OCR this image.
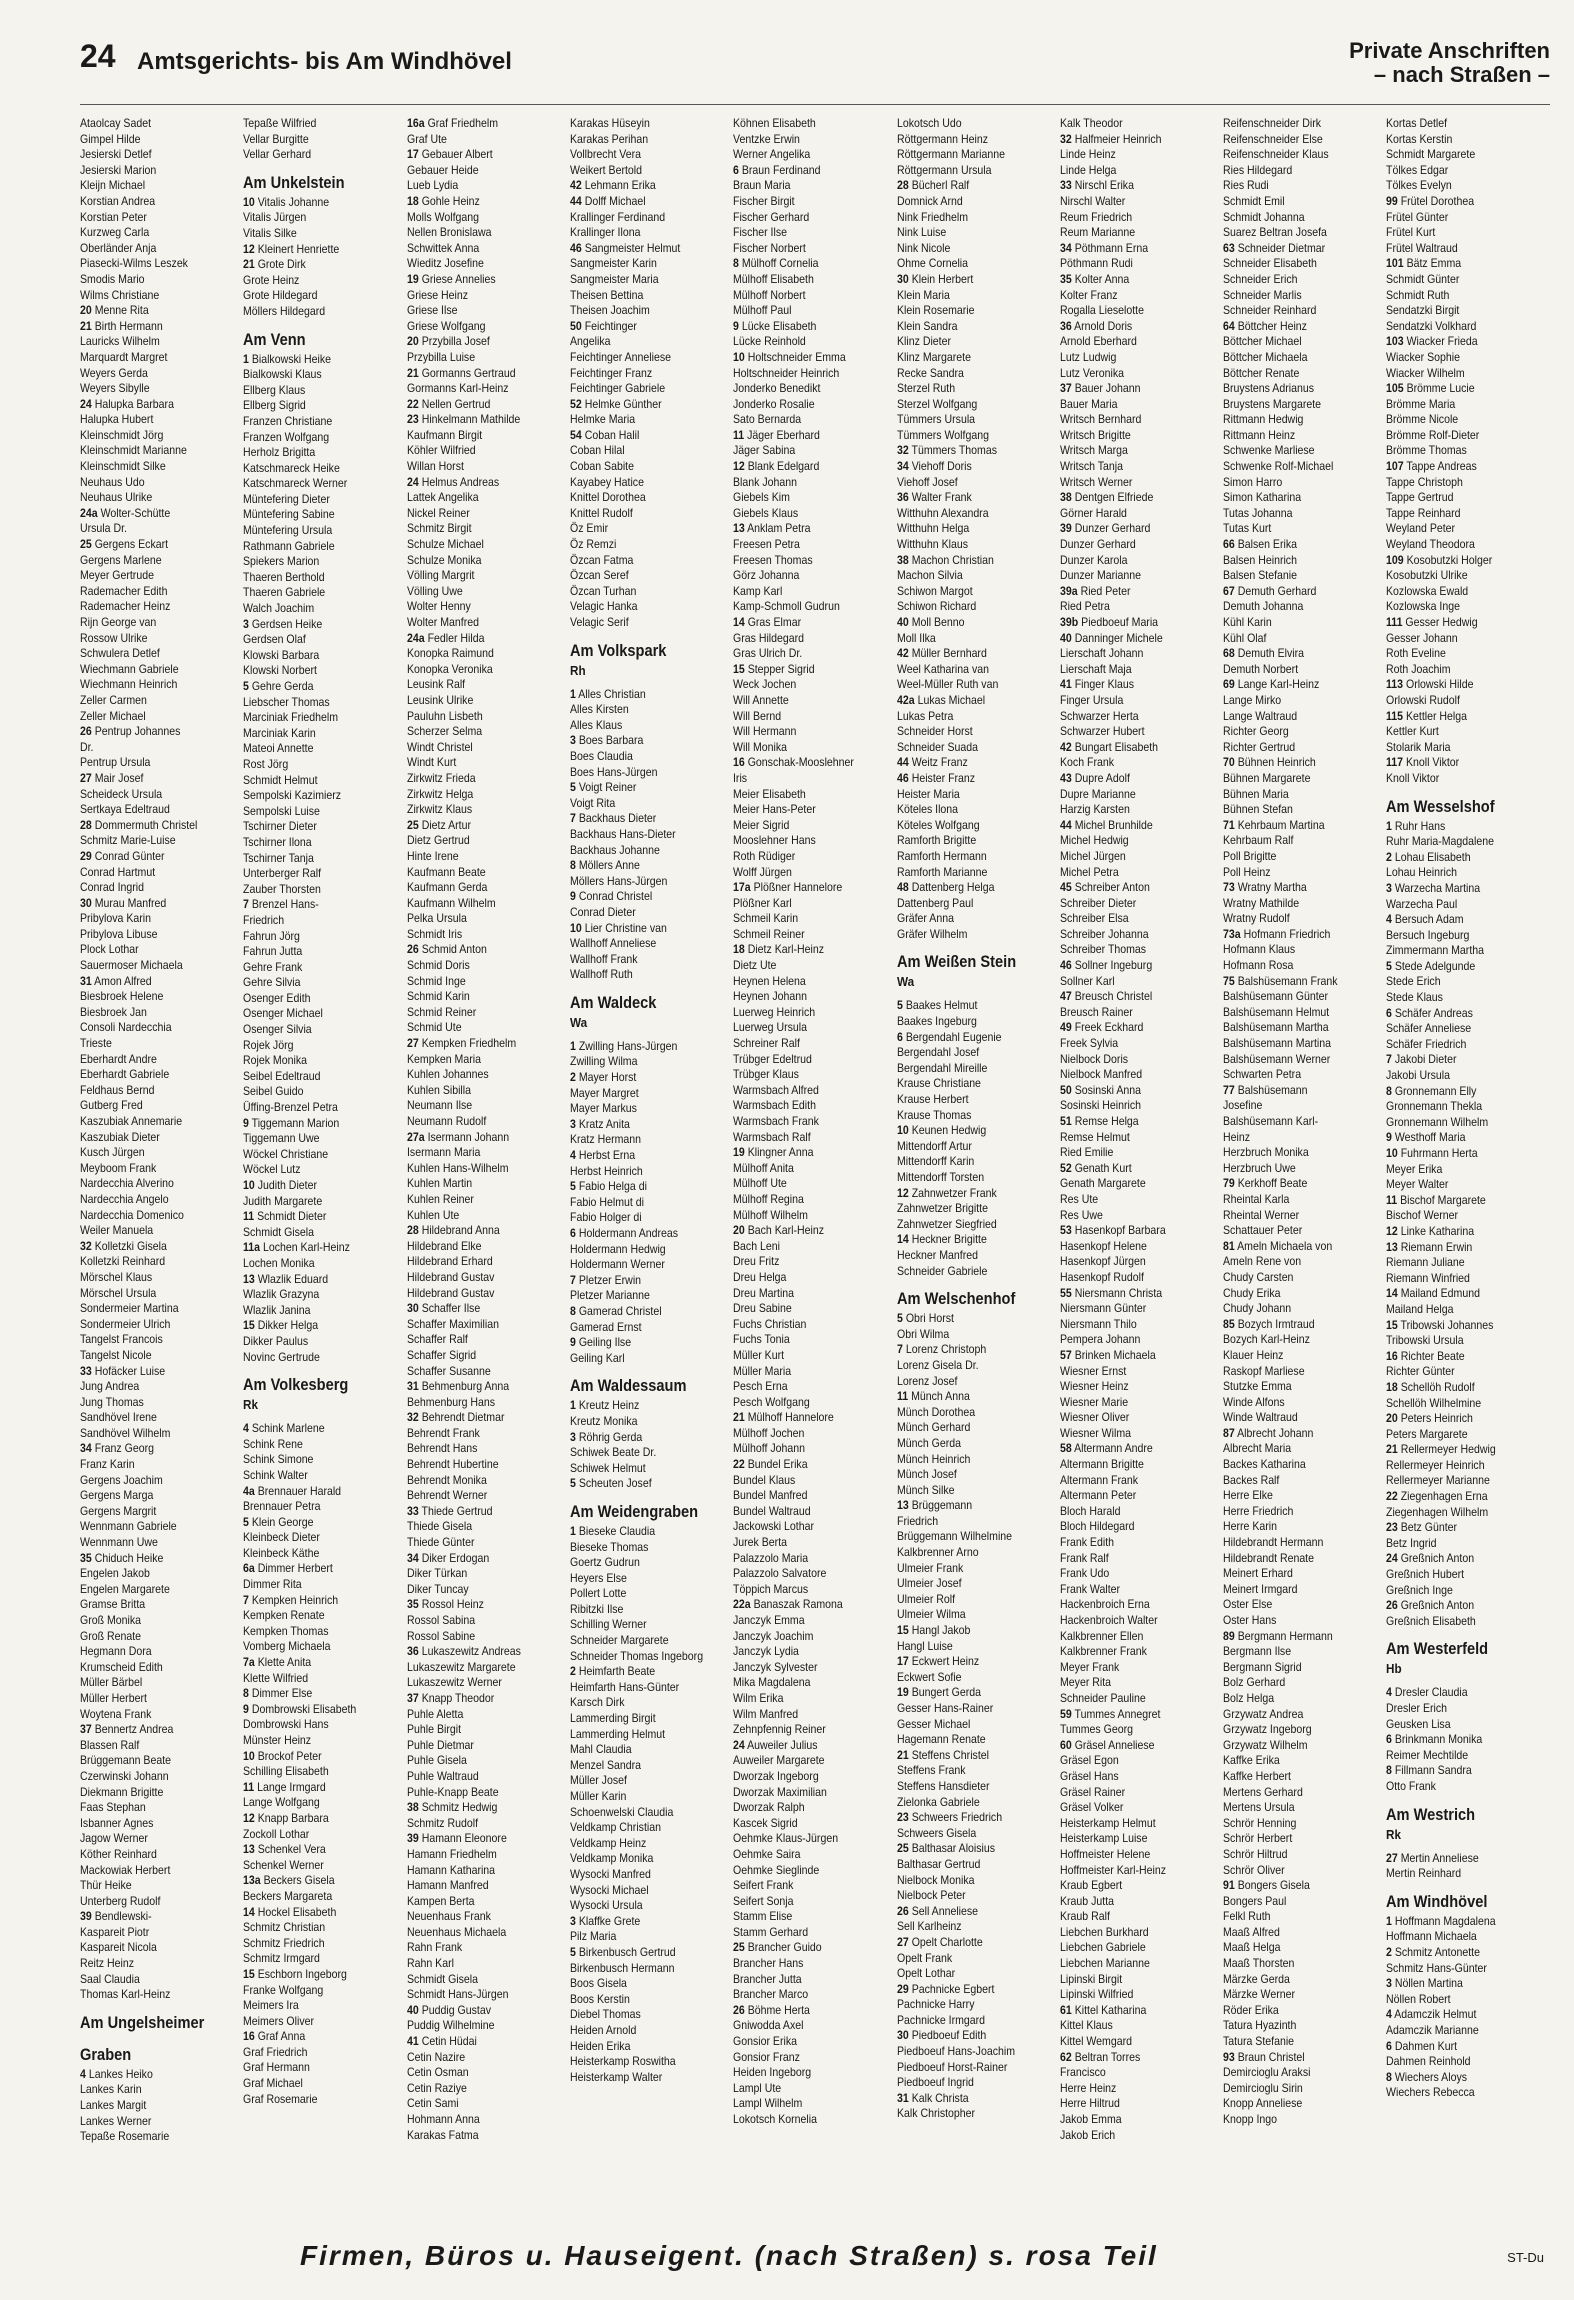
24 Amtsgerichts- bis Am Windhövel	Private Anschriften
– nach Straßen –
Ataolcay Sadet
Gimpel Hilde
Jesierski Detlef
Jesierski Marion
Kleijn Michael
Korstian Andrea
Korstian Peter
Kurzweg Carla
Oberländer Anja
Piasecki-Wilms Leszek
Smodis Mario
Wilms Christiane
20 Menne Rita
21 Birth Hermann
Lauricks Wilhelm
Marquardt Margret
Weyers Gerda
Weyers Sibylle
24 Halupka Barbara
Halupka Hubert
Kleinschmidt Jörg
Kleinschmidt Marianne
Kleinschmidt Silke
Neuhaus Udo
Neuhaus Ulrike
24a Wolter-Schütte
Ursula Dr.
25 Gergens Eckart
Gergens Marlene
Meyer Gertrude
Rademacher Edith
Rademacher Heinz
Rijn George van
Rossow Ulrike
Schwulera Detlef
Wiechmann Gabriele
Wiechmann Heinrich
Zeller Carmen
Zeller Michael
26 Pentrup Johannes
Dr.
Pentrup Ursula
27 Mair Josef
Scheideck Ursula
Sertkaya Edeltraud
28 Dommermuth Christel
Schmitz Marie-Luise
29 Conrad Günter
Conrad Hartmut
Conrad Ingrid
30 Murau Manfred
Pribylova Karin
Pribylova Libuse
Plock Lothar
Sauermoser Michaela
31 Amon Alfred
Biesbroek Helene
Biesbroek Jan
Consoli Nardecchia
Trieste
Eberhardt Andre
Eberhardt Gabriele
Feldhaus Bernd
Gutberg Fred
Kaszubiak Annemarie
Kaszubiak Dieter
Kusch Jürgen
Meyboom Frank
Nardecchia Alverino
Nardecchia Angelo
Nardecchia Domenico
Weiler Manuela
32 Kolletzki Gisela
Kolletzki Reinhard
Mörschel Klaus
Mörschel Ursula
Sondermeier Martina
Sondermeier Ulrich
Tangelst Francois
Tangelst Nicole
33 Hofäcker Luise
Jung Andrea
Jung Thomas
Sandhövel Irene
Sandhövel Wilhelm
34 Franz Georg
Franz Karin
Gergens Joachim
Gergens Marga
Gergens Margrit
Wennmann Gabriele
Wennmann Uwe
35 Chiduch Heike
Engelen Jakob
Engelen Margarete
Gramse Britta
Groß Monika
Groß Renate
Hegmann Dora
Krumscheid Edith
Müller Bärbel
Müller Herbert
Woytena Frank
37 Bennertz Andrea
Blassen Ralf
Brüggemann Beate
Czerwinski Johann
Diekmann Brigitte
Faas Stephan
Isbanner Agnes
Jagow Werner
Köther Reinhard
Mackowiak Herbert
Thür Heike
Unterberg Rudolf
39 Bendlewski-
Kaspareit Piotr
Kaspareit Nicola
Reitz Heinz
Saal Claudia
Thomas Karl-Heinz
Am Ungelsheimer
Graben
4 Lankes Heiko
Lankes Karin
Lankes Margit
Lankes Werner
Tepaße Rosemarie
Tepaße Wilfried
Vellar Burgitte
Vellar Gerhard
Am Unkelstein
10 Vitalis Johanne
Vitalis Jürgen
Vitalis Silke
12 Kleinert Henriette
21 Grote Dirk
Grote Heinz
Grote Hildegard
Möllers Hildegard
Am Venn
1 Bialkowski Heike
Bialkowski Klaus
Ellberg Klaus
Ellberg Sigrid
Franzen Christiane
Franzen Wolfgang
Herholz Brigitta
Katschmareck Heike
Katschmareck Werner
Müntefering Dieter
Müntefering Sabine
Müntefering Ursula
Rathmann Gabriele
Spiekers Marion
Thaeren Berthold
Thaeren Gabriele
Walch Joachim
3 Gerdsen Heike
Gerdsen Olaf
Klowski Barbara
Klowski Norbert
5 Gehre Gerda
Liebscher Thomas
Marciniak Friedhelm
Marciniak Karin
Mateoi Annette
Rost Jörg
Schmidt Helmut
Sempolski Kazimierz
Sempolski Luise
Tschirner Dieter
Tschirner Ilona
Tschirner Tanja
Unterberger Ralf
Zauber Thorsten
7 Brenzel Hans-
Friedrich
Fahrun Jörg
Fahrun Jutta
Gehre Frank
Gehre Silvia
Osenger Edith
Osenger Michael
Osenger Silvia
Rojek Jörg
Rojek Monika
Seibel Edeltraud
Seibel Guido
Üffing-Brenzel Petra
9 Tiggemann Marion
Tiggemann Uwe
Wöckel Christiane
Wöckel Lutz
10 Judith Dieter
Judith Margarete
11 Schmidt Dieter
Schmidt Gisela
11a Lochen Karl-Heinz
Lochen Monika
13 Wlazlik Eduard
Wlazlik Grazyna
Wlazlik Janina
15 Dikker Helga
Dikker Paulus
Novinc Gertrude
Am Volkesberg
Rk
4 Schink Marlene
Schink Rene
Schink Simone
Schink Walter
4a Brennauer Harald
Brennauer Petra
5 Klein George
Kleinbeck Dieter
Kleinbeck Käthe
6a Dimmer Herbert
Dimmer Rita
7 Kempken Heinrich
Kempken Renate
Kempken Thomas
Vomberg Michaela
7a Klette Anita
Klette Wilfried
8 Dimmer Else
9 Dombrowski Elisabeth
Dombrowski Hans
Münster Heinz
10 Brockof Peter
Schilling Elisabeth
11 Lange Irmgard
Lange Wolfgang
12 Knapp Barbara
Zockoll Lothar
13 Schenkel Vera
Schenkel Werner
13a Beckers Gisela
Beckers Margareta
14 Hockel Elisabeth
Schmitz Christian
Schmitz Friedrich
Schmitz Irmgard
15 Eschborn Ingeborg
Franke Wolfgang
Meimers Ira
Meimers Oliver
16 Graf Anna
Graf Friedrich
Graf Hermann
Graf Michael
Graf Rosemarie
16a Graf Friedhelm
Graf Ute
17 Gebauer Albert
Gebauer Heide
Lueb Lydia
18 Gohle Heinz
Molls Wolfgang
Nellen Bronislawa
Schwittek Anna
Wieditz Josefine
19 Griese Annelies
Griese Heinz
Griese Ilse
Griese Wolfgang
20 Przybilla Josef
Przybilla Luise
21 Gormanns Gertraud
Gormanns Karl-Heinz
22 Nellen Gertrud
23 Hinkelmann Mathilde
Kaufmann Birgit
Köhler Wilfried
Willan Horst
24 Helmus Andreas
Lattek Angelika
Nickel Reiner
Schmitz Birgit
Schulze Michael
Schulze Monika
Völling Margrit
Völling Uwe
Wolter Henny
Wolter Manfred
24a Fedler Hilda
Konopka Raimund
Konopka Veronika
Leusink Ralf
Leusink Ulrike
Pauluhn Lisbeth
Scherzer Selma
Windt Christel
Windt Kurt
Zirkwitz Frieda
Zirkwitz Helga
Zirkwitz Klaus
25 Dietz Artur
Dietz Gertrud
Hinte Irene
Kaufmann Beate
Kaufmann Gerda
Kaufmann Wilhelm
Pelka Ursula
Schmidt Iris
26 Schmid Anton
Schmid Doris
Schmid Inge
Schmid Karin
Schmid Reiner
Schmid Ute
27 Kempken Friedhelm
Kempken Maria
Kuhlen Johannes
Kuhlen Sibilla
Neumann Ilse
Neumann Rudolf
27a Isermann Johann
Isermann Maria
Kuhlen Hans-Wilhelm
Kuhlen Martin
Kuhlen Reiner
Kuhlen Ute
28 Hildebrand Anna
Hildebrand Elke
Hildebrand Erhard
Hildebrand Gustav
Hildebrand Gustav
30 Schaffer Ilse
Schaffer Maximilian
Schaffer Ralf
Schaffer Sigrid
Schaffer Susanne
31 Behmenburg Anna
Behmenburg Hans
32 Behrendt Dietmar
Behrendt Frank
Behrendt Hans
Behrendt Hubertine
Behrendt Monika
Behrendt Werner
33 Thiede Gertrud
Thiede Gisela
Thiede Günter
34 Diker Erdogan
Diker Türkan
Diker Tuncay
35 Rossol Heinz
Rossol Sabina
Rossol Sabine
36 Lukaszewitz Andreas
Lukaszewitz Margarete
Lukaszewitz Werner
37 Knapp Theodor
Puhle Aletta
Puhle Birgit
Puhle Dietmar
Puhle Gisela
Puhle Waltraud
Puhle-Knapp Beate
38 Schmitz Hedwig
Schmitz Rudolf
39 Hamann Eleonore
Hamann Friedhelm
Hamann Katharina
Hamann Manfred
Kampen Berta
Neuenhaus Frank
Neuenhaus Michaela
Rahn Frank
Rahn Karl
Schmidt Gisela
Schmidt Hans-Jürgen
40 Puddig Gustav
Puddig Wilhelmine
41 Cetin Hüdai
Cetin Nazire
Cetin Osman
Cetin Raziye
Cetin Sami
Hohmann Anna
Karakas Fatma
Karakas Hüseyin
Karakas Perihan
Vollbrecht Vera
Weikert Bertold
42 Lehmann Erika
44 Dolff Michael
Krallinger Ferdinand
Krallinger Ilona
46 Sangmeister Helmut
Sangmeister Karin
Sangmeister Maria
Theisen Bettina
Theisen Joachim
50 Feichtinger
Angelika
Feichtinger Anneliese
Feichtinger Franz
Feichtinger Gabriele
52 Helmke Günther
Helmke Maria
54 Coban Halil
Coban Hilal
Coban Sabite
Kayabey Hatice
Knittel Dorothea
Knittel Rudolf
Öz Emir
Öz Remzi
Özcan Fatma
Özcan Seref
Özcan Turhan
Velagic Hanka
Velagic Serif
Am Volkspark
Rh
1 Alles Christian
Alles Kirsten
Alles Klaus
3 Boes Barbara
Boes Claudia
Boes Hans-Jürgen
5 Voigt Reiner
Voigt Rita
7 Backhaus Dieter
Backhaus Hans-Dieter
Backhaus Johanne
8 Möllers Anne
Möllers Hans-Jürgen
9 Conrad Christel
Conrad Dieter
10 Lier Christine van
Wallhoff Anneliese
Wallhoff Frank
Wallhoff Ruth
Am Waldeck
Wa
1 Zwilling Hans-Jürgen
Zwilling Wilma
2 Mayer Horst
Mayer Margret
Mayer Markus
3 Kratz Anita
Kratz Hermann
4 Herbst Erna
Herbst Heinrich
5 Fabio Helga di
Fabio Helmut di
Fabio Holger di
6 Holdermann Andreas
Holdermann Hedwig
Holdermann Werner
7 Pletzer Erwin
Pletzer Marianne
8 Gamerad Christel
Gamerad Ernst
9 Geiling Ilse
Geiling Karl
Am Waldessaum
1 Kreutz Heinz
Kreutz Monika
3 Röhrig Gerda
Schiwek Beate Dr.
Schiwek Helmut
5 Scheuten Josef
Am Weidengraben
1 Bieseke Claudia
Bieseke Thomas
Goertz Gudrun
Heyers Else
Pollert Lotte
Ribitzki Ilse
Schilling Werner
Schneider Margarete
Schneider Thomas Ingeborg
2 Heimfarth Beate
Heimfarth Hans-Günter
Karsch Dirk
Lammerding Birgit
Lammerding Helmut
Mahl Claudia
Menzel Sandra
Müller Josef
Müller Karin
Schoenwelski Claudia
Veldkamp Christian
Veldkamp Heinz
Veldkamp Monika
Wysocki Manfred
Wysocki Michael
Wysocki Ursula
3 Klaffke Grete
Pilz Maria
5 Birkenbusch Gertrud
Birkenbusch Hermann
Boos Gisela
Boos Kerstin
Diebel Thomas
Heiden Arnold
Heiden Erika
Heisterkamp Roswitha
Heisterkamp Walter
Köhnen Elisabeth
Ventzke Erwin
Werner Angelika
6 Braun Ferdinand
Braun Maria
Fischer Birgit
Fischer Gerhard
Fischer Ilse
Fischer Norbert
8 Mülhoff Cornelia
Mülhoff Elisabeth
Mülhoff Norbert
Mülhoff Paul
9 Lücke Elisabeth
Lücke Reinhold
10 Holtschneider Emma
Holtschneider Heinrich
Jonderko Benedikt
Jonderko Rosalie
Sato Bernarda
11 Jäger Eberhard
Jäger Sabina
12 Blank Edelgard
Blank Johann
Giebels Kim
Giebels Klaus
13 Anklam Petra
Freesen Petra
Freesen Thomas
Görz Johanna
Kamp Karl
Kamp-Schmoll Gudrun
14 Gras Elmar
Gras Hildegard
Gras Ulrich Dr.
15 Stepper Sigrid
Weck Jochen
Will Annette
Will Bernd
Will Hermann
Will Monika
16 Gonschak-Mooslehner
Iris
Meier Elisabeth
Meier Hans-Peter
Meier Sigrid
Mooslehner Hans
Roth Rüdiger
Wolff Jürgen
17a Plößner Hannelore
Plößner Karl
Schmeil Karin
Schmeil Reiner
18 Dietz Karl-Heinz
Dietz Ute
Heynen Helena
Heynen Johann
Luerweg Heinrich
Luerweg Ursula
Schreiner Ralf
Trübger Edeltrud
Trübger Klaus
Warmsbach Alfred
Warmsbach Edith
Warmsbach Frank
Warmsbach Ralf
19 Klingner Anna
Mülhoff Anita
Mülhoff Ute
Mülhoff Regina
Mülhoff Wilhelm
20 Bach Karl-Heinz
Bach Leni
Dreu Fritz
Dreu Helga
Dreu Martina
Dreu Sabine
Fuchs Christian
Fuchs Tonia
Müller Kurt
Müller Maria
Pesch Erna
Pesch Wolfgang
21 Mülhoff Hannelore
Mülhoff Jochen
Mülhoff Johann
22 Bundel Erika
Bundel Klaus
Bundel Manfred
Bundel Waltraud
Jackowski Lothar
Jurek Berta
Palazzolo Maria
Palazzolo Salvatore
Töppich Marcus
22a Banaszak Ramona
Janczyk Emma
Janczyk Joachim
Janczyk Lydia
Janczyk Sylvester
Mika Magdalena
Wilm Erika
Wilm Manfred
Zehnpfennig Reiner
24 Auweiler Julius
Auweiler Margarete
Dworzak Ingeborg
Dworzak Maximilian
Dworzak Ralph
Kascek Sigrid
Oehmke Klaus-Jürgen
Oehmke Saira
Oehmke Sieglinde
Seifert Frank
Seifert Sonja
Stamm Elise
Stamm Gerhard
25 Brancher Guido
Brancher Hans
Brancher Jutta
Brancher Marco
26 Böhme Herta
Gniwodda Axel
Gonsior Erika
Gonsior Franz
Heiden Ingeborg
Lampl Ute
Lampl Wilhelm
Lokotsch Kornelia
Lokotsch Udo
Röttgermann Heinz
Röttgermann Marianne
Röttgermann Ursula
28 Bücherl Ralf
Domnick Arnd
Nink Friedhelm
Nink Luise
Nink Nicole
Ohme Cornelia
30 Klein Herbert
Klein Maria
Klein Rosemarie
Klein Sandra
Klinz Dieter
Klinz Margarete
Recke Sandra
Sterzel Ruth
Sterzel Wolfgang
Tümmers Ursula
Tümmers Wolfgang
32 Tümmers Thomas
34 Viehoff Doris
Viehoff Josef
36 Walter Frank
Witthuhn Alexandra
Witthuhn Helga
Witthuhn Klaus
38 Machon Christian
Machon Silvia
Schiwon Margot
Schiwon Richard
40 Moll Benno
Moll Ilka
42 Müller Bernhard
Weel Katharina van
Weel-Müller Ruth van
42a Lukas Michael
Lukas Petra
Schneider Horst
Schneider Suada
44 Weitz Franz
46 Heister Franz
Heister Maria
Köteles Ilona
Köteles Wolfgang
Ramforth Brigitte
Ramforth Hermann
Ramforth Marianne
48 Dattenberg Helga
Dattenberg Paul
Gräfer Anna
Gräfer Wilhelm
Am Weißen Stein
Wa
5 Baakes Helmut
Baakes Ingeburg
6 Bergendahl Eugenie
Bergendahl Josef
Bergendahl Mireille
Krause Christiane
Krause Herbert
Krause Thomas
10 Keunen Hedwig
Mittendorff Artur
Mittendorff Karin
Mittendorff Torsten
12 Zahnwetzer Frank
Zahnwetzer Brigitte
Zahnwetzer Siegfried
14 Heckner Brigitte
Heckner Manfred
Schneider Gabriele
Am Welschenhof
5 Obri Horst
Obri Wilma
7 Lorenz Christoph
Lorenz Gisela Dr.
Lorenz Josef
11 Münch Anna
Münch Dorothea
Münch Gerhard
Münch Gerda
Münch Heinrich
Münch Josef
Münch Silke
13 Brüggemann
Friedrich
Brüggemann Wilhelmine
Kalkbrenner Arno
Ulmeier Frank
Ulmeier Josef
Ulmeier Rolf
Ulmeier Wilma
15 Hangl Jakob
Hangl Luise
17 Eckwert Heinz
Eckwert Sofie
19 Bungert Gerda
Gesser Hans-Rainer
Gesser Michael
Hagemann Renate
21 Steffens Christel
Steffens Frank
Steffens Hansdieter
Zielonka Gabriele
23 Schweers Friedrich
Schweers Gisela
25 Balthasar Aloisius
Balthasar Gertrud
Nielbock Monika
Nielbock Peter
26 Sell Anneliese
Sell Karlheinz
27 Opelt Charlotte
Opelt Frank
Opelt Lothar
29 Pachnicke Egbert
Pachnicke Harry
Pachnicke Irmgard
30 Piedboeuf Edith
Piedboeuf Hans-Joachim
Piedboeuf Horst-Rainer
Piedboeuf Ingrid
31 Kalk Christa
Kalk Christopher
Kalk Theodor
32 Halfmeier Heinrich
Linde Heinz
Linde Helga
33 Nirschl Erika
Nirschl Walter
Reum Friedrich
Reum Marianne
34 Pöthmann Erna
Pöthmann Rudi
35 Kolter Anna
Kolter Franz
Rogalla Lieselotte
36 Arnold Doris
Arnold Eberhard
Lutz Ludwig
Lutz Veronika
37 Bauer Johann
Bauer Maria
Writsch Bernhard
Writsch Brigitte
Writsch Marga
Writsch Tanja
Writsch Werner
38 Dentgen Elfriede
Görner Harald
39 Dunzer Gerhard
Dunzer Gerhard
Dunzer Karola
Dunzer Marianne
39a Ried Peter
Ried Petra
39b Piedboeuf Maria
40 Danninger Michele
Lierschaft Johann
Lierschaft Maja
41 Finger Klaus
Finger Ursula
Schwarzer Herta
Schwarzer Hubert
42 Bungart Elisabeth
Koch Frank
43 Dupre Adolf
Dupre Marianne
Harzig Karsten
44 Michel Brunhilde
Michel Hedwig
Michel Jürgen
Michel Petra
45 Schreiber Anton
Schreiber Dieter
Schreiber Elsa
Schreiber Johanna
Schreiber Thomas
46 Sollner Ingeburg
Sollner Karl
47 Breusch Christel
Breusch Rainer
49 Freek Eckhard
Freek Sylvia
Nielbock Doris
Nielbock Manfred
50 Sosinski Anna
Sosinski Heinrich
51 Remse Helga
Remse Helmut
Ried Emilie
52 Genath Kurt
Genath Margarete
Res Ute
Res Uwe
53 Hasenkopf Barbara
Hasenkopf Helene
Hasenkopf Jürgen
Hasenkopf Rudolf
55 Niersmann Christa
Niersmann Günter
Niersmann Thilo
Pempera Johann
57 Brinken Michaela
Wiesner Ernst
Wiesner Heinz
Wiesner Marie
Wiesner Oliver
Wiesner Wilma
58 Altermann Andre
Altermann Brigitte
Altermann Frank
Altermann Peter
Bloch Harald
Bloch Hildegard
Frank Edith
Frank Ralf
Frank Udo
Frank Walter
Hackenbroich Erna
Hackenbroich Walter
Kalkbrenner Ellen
Kalkbrenner Frank
Meyer Frank
Meyer Rita
Schneider Pauline
59 Tummes Annegret
Tummes Georg
60 Gräsel Anneliese
Gräsel Egon
Gräsel Hans
Gräsel Rainer
Gräsel Volker
Heisterkamp Helmut
Heisterkamp Luise
Hoffmeister Helene
Hoffmeister Karl-Heinz
Kraub Egbert
Kraub Jutta
Kraub Ralf
Liebchen Burkhard
Liebchen Gabriele
Liebchen Marianne
Lipinski Birgit
Lipinski Wilfried
61 Kittel Katharina
Kittel Klaus
Kittel Wemgard
62 Beltran Torres
Francisco
Herre Heinz
Herre Hiltrud
Jakob Emma
Jakob Erich
Reifenschneider Dirk
Reifenschneider Else
Reifenschneider Klaus
Ries Hildegard
Ries Rudi
Schmidt Emil
Schmidt Johanna
Suarez Beltran Josefa
63 Schneider Dietmar
Schneider Elisabeth
Schneider Erich
Schneider Marlis
Schneider Reinhard
64 Böttcher Heinz
Böttcher Michael
Böttcher Michaela
Böttcher Renate
Bruystens Adrianus
Bruystens Margarete
Rittmann Hedwig
Rittmann Heinz
Schwenke Marliese
Schwenke Rolf-Michael
Simon Harro
Simon Katharina
Tutas Johanna
Tutas Kurt
66 Balsen Erika
Balsen Heinrich
Balsen Stefanie
67 Demuth Gerhard
Demuth Johanna
Kühl Karin
Kühl Olaf
68 Demuth Elvira
Demuth Norbert
69 Lange Karl-Heinz
Lange Mirko
Lange Waltraud
Richter Georg
Richter Gertrud
70 Bühnen Heinrich
Bühnen Margarete
Bühnen Maria
Bühnen Stefan
71 Kehrbaum Martina
Kehrbaum Ralf
Poll Brigitte
Poll Heinz
73 Wratny Martha
Wratny Mathilde
Wratny Rudolf
73a Hofmann Friedrich
Hofmann Klaus
Hofmann Rosa
75 Balshüsemann Frank
Balshüsemann Günter
Balshüsemann Helmut
Balshüsemann Martha
Balshüsemann Martina
Balshüsemann Werner
Schwarten Petra
77 Balshüsemann
Josefine
Balshüsemann Karl-
Heinz
Herzbruch Monika
Herzbruch Uwe
79 Kerkhoff Beate
Rheintal Karla
Rheintal Werner
Schattauer Peter
81 Ameln Michaela von
Ameln Rene von
Chudy Carsten
Chudy Erika
Chudy Johann
85 Bozych Irmtraud
Bozych Karl-Heinz
Klauer Heinz
Raskopf Marliese
Stutzke Emma
Winde Alfons
Winde Waltraud
87 Albrecht Johann
Albrecht Maria
Backes Katharina
Backes Ralf
Herre Elke
Herre Friedrich
Herre Karin
Hildebrandt Hermann
Hildebrandt Renate
Meinert Erhard
Meinert Irmgard
Oster Else
Oster Hans
89 Bergmann Hermann
Bergmann Ilse
Bergmann Sigrid
Bolz Gerhard
Bolz Helga
Grzywatz Andrea
Grzywatz Ingeborg
Grzywatz Wilhelm
Kaffke Erika
Kaffke Herbert
Mertens Gerhard
Mertens Ursula
Schrör Henning
Schrör Herbert
Schrör Hiltrud
Schrör Oliver
91 Bongers Gisela
Bongers Paul
Felkl Ruth
Maaß Alfred
Maaß Helga
Maaß Thorsten
Märzke Gerda
Märzke Werner
Röder Erika
Tatura Hyazinth
Tatura Stefanie
93 Braun Christel
Demircioglu Araksi
Demircioglu Sirin
Knopp Anneliese
Knopp Ingo
Kortas Detlef
Kortas Kerstin
Schmidt Margarete
Tölkes Edgar
Tölkes Evelyn
99 Frütel Dorothea
Frütel Günter
Frütel Kurt
Frütel Waltraud
101 Bätz Emma
Schmidt Günter
Schmidt Ruth
Sendatzki Birgit
Sendatzki Volkhard
103 Wiacker Frieda
Wiacker Sophie
Wiacker Wilhelm
105 Brömme Lucie
Brömme Maria
Brömme Nicole
Brömme Rolf-Dieter
Brömme Thomas
107 Tappe Andreas
Tappe Christoph
Tappe Gertrud
Tappe Reinhard
Weyland Peter
Weyland Theodora
109 Kosobutzki Holger
Kosobutzki Ulrike
Kozlowska Ewald
Kozlowska Inge
111 Gesser Hedwig
Gesser Johann
Roth Eveline
Roth Joachim
113 Orlowski Hilde
Orlowski Rudolf
115 Kettler Helga
Kettler Kurt
Stolarik Maria
117 Knoll Viktor
Knoll Viktor
Am Wesselshof
1 Ruhr Hans
Ruhr Maria-Magdalene
2 Lohau Elisabeth
Lohau Heinrich
3 Warzecha Martina
Warzecha Paul
4 Bersuch Adam
Bersuch Ingeburg
Zimmermann Martha
5 Stede Adelgunde
Stede Erich
Stede Klaus
6 Schäfer Andreas
Schäfer Anneliese
Schäfer Friedrich
7 Jakobi Dieter
Jakobi Ursula
8 Gronnemann Elly
Gronnemann Thekla
Gronnemann Wilhelm
9 Westhoff Maria
10 Fuhrmann Herta
Meyer Erika
Meyer Walter
11 Bischof Margarete
Bischof Werner
12 Linke Katharina
13 Riemann Erwin
Riemann Juliane
Riemann Winfried
14 Mailand Edmund
Mailand Helga
15 Tribowski Johannes
Tribowski Ursula
16 Richter Beate
Richter Günter
18 Schellöh Rudolf
Schellöh Wilhelmine
20 Peters Heinrich
Peters Margarete
21 Rellermeyer Hedwig
Rellermeyer Heinrich
Rellermeyer Marianne
22 Ziegenhagen Erna
Ziegenhagen Wilhelm
23 Betz Günter
Betz Ingrid
24 Greßnich Anton
Greßnich Hubert
Greßnich Inge
26 Greßnich Anton
Greßnich Elisabeth
Am Westerfeld
Hb
4 Dresler Claudia
Dresler Erich
Geusken Lisa
6 Brinkmann Monika
Reimer Mechtilde
8 Fillmann Sandra
Otto Frank
Am Westrich
Rk
27 Mertin Anneliese
Mertin Reinhard
Am Windhövel
1 Hoffmann Magdalena
Hoffmann Michaela
2 Schmitz Antonette
Schmitz Hans-Günter
3 Nöllen Martina
Nöllen Robert
4 Adamczik Helmut
Adamczik Marianne
6 Dahmen Kurt
Dahmen Reinhold
8 Wiechers Aloys
Wiechers Rebecca
Firmen, Büros u. Hauseigent. (nach Straßen) s. rosa Teil	ST-Du
